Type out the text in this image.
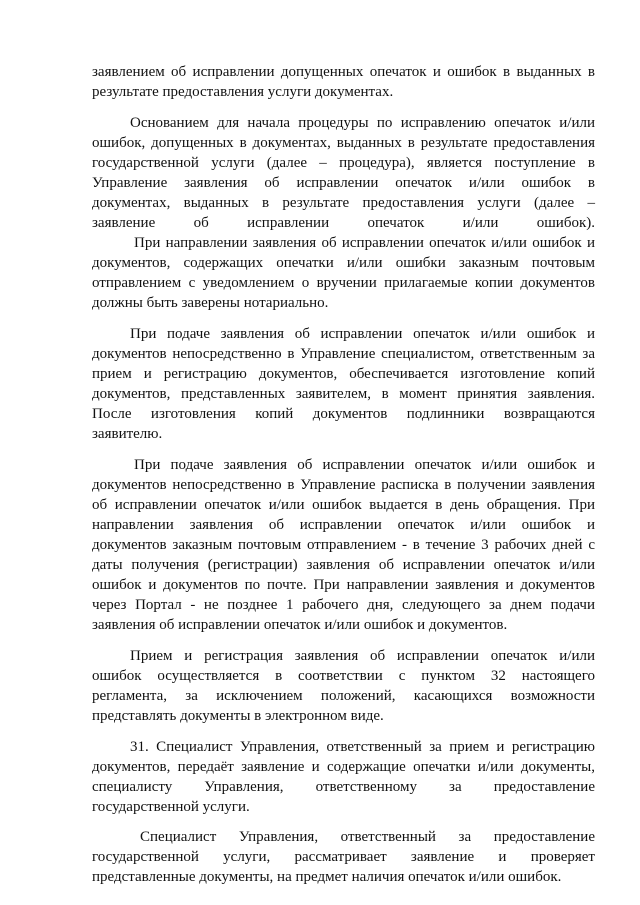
заявлением об исправлении допущенных опечаток и ошибок в выданных в
результате предоставления услуги документах.
Основанием для начала процедуры по исправлению опечаток и/или
ошибок, допущенных в документах, выданных в результате предоставления
государственной услуги (далее – процедура), является поступление в
Управление заявления об исправлении опечаток и/или ошибок в
документах, выданных в результате предоставления услуги (далее –
заявление об исправлении опечаток и/или ошибок).
При направлении заявления об исправлении опечаток и/или ошибок и
документов, содержащих опечатки и/или ошибки заказным почтовым
отправлением с уведомлением о вручении прилагаемые копии документов
должны быть заверены нотариально.
При подаче заявления об исправлении опечаток и/или ошибок и
документов непосредственно в Управление специалистом, ответственным за
прием и регистрацию документов, обеспечивается изготовление копий
документов, представленных заявителем, в момент принятия заявления.
После изготовления копий документов подлинники возвращаются
заявителю.
При подаче заявления об исправлении опечаток и/или ошибок и
документов непосредственно в Управление расписка в получении заявления
об исправлении опечаток и/или ошибок выдается в день обращения. При
направлении заявления об исправлении опечаток и/или ошибок и
документов заказным почтовым отправлением - в течение 3 рабочих дней с
даты получения (регистрации) заявления об исправлении опечаток и/или
ошибок и документов по почте. При направлении заявления и документов
через Портал - не позднее 1 рабочего дня, следующего за днем подачи
заявления об исправлении опечаток и/или ошибок и документов.
Прием и регистрация заявления об исправлении опечаток и/или
ошибок осуществляется в соответствии с пунктом 32 настоящего
регламента, за исключением положений, касающихся возможности
представлять документы в электронном виде.
31. Специалист Управления, ответственный за прием и регистрацию
документов, передаёт заявление и содержащие опечатки и/или документы,
специалисту Управления, ответственному за предоставление
государственной услуги.
Специалист Управления, ответственный за предоставление
государственной услуги, рассматривает заявление и проверяет
представленные документы, на предмет наличия опечаток и/или ошибок.
